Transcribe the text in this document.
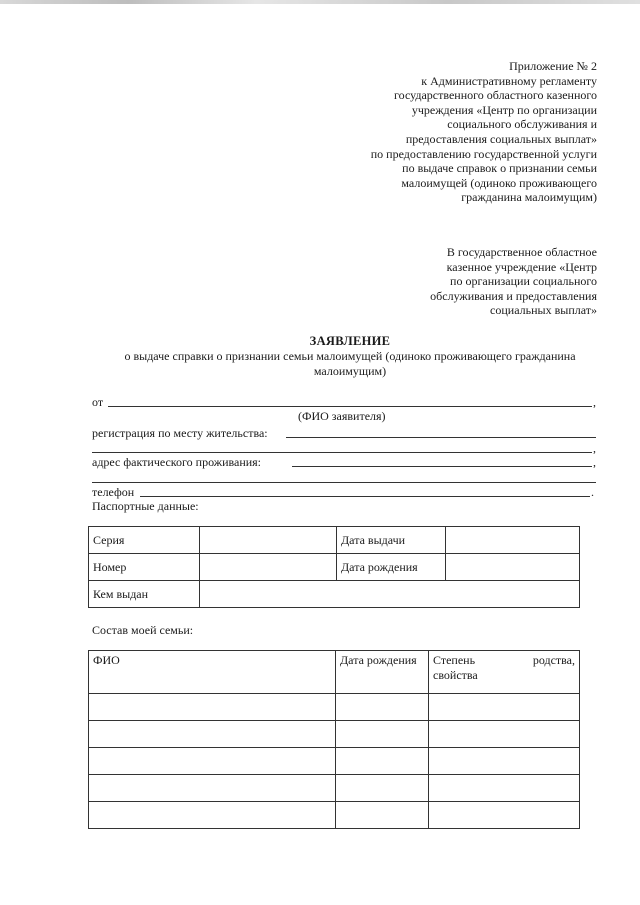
Приложение № 2
к Административному регламенту
государственного областного казенного
учреждения «Центр по организации
социального обслуживания и
предоставления социальных выплат»
по предоставлению государственной услуги
по выдаче справок о признании семьи
малоимущей (одиноко проживающего
гражданина малоимущим)
В государственное областное
казенное учреждение «Центр
по организации социального
обслуживания и предоставления
социальных выплат»
ЗАЯВЛЕНИЕ
о выдаче справки о признании семьи малоимущей (одиноко проживающего гражданина
малоимущим)
от	,
(ФИО заявителя)
регистрация по месту жительства:
,
адрес фактического проживания:	,
телефон	.
Паспортные данные:
Серия		Дата выдачи	
Номер		Дата рождения	
Кем выдан			
Состав моей семьи:
ФИО	Дата рождения	Степень родства,
свойства
